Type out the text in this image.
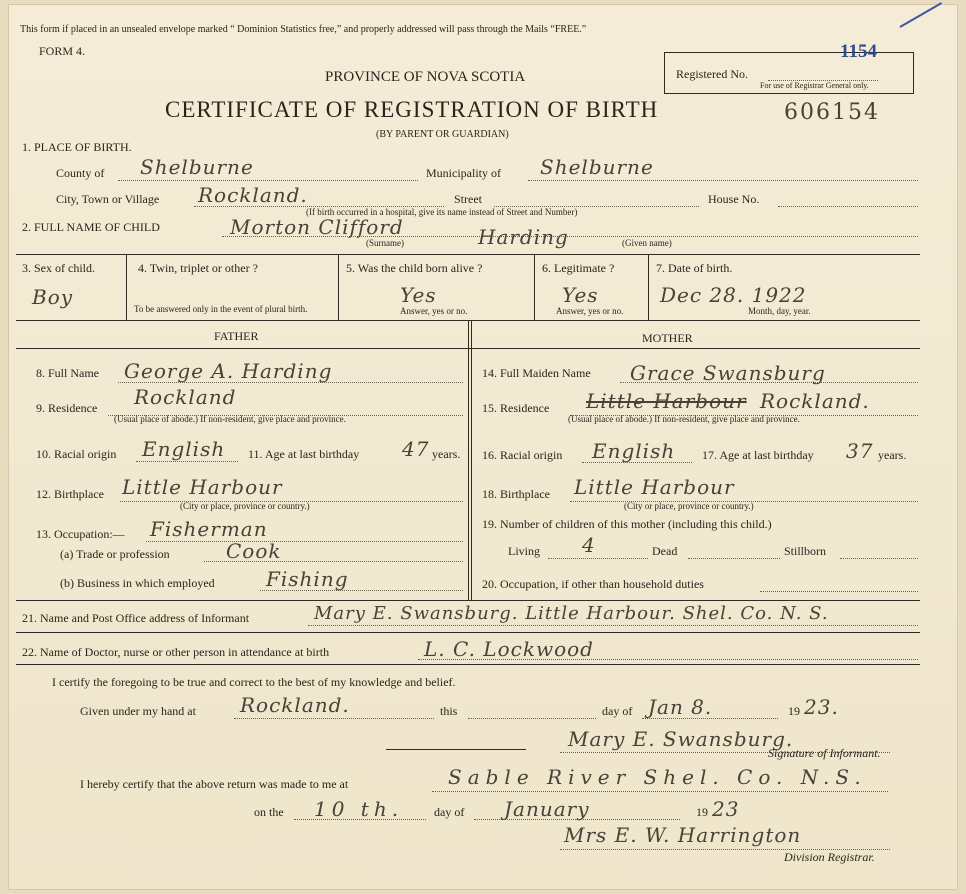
This form if placed in an unsealed envelope marked “ Dominion Statistics free,” and properly addressed will pass through the Mails “FREE.”
FORM 4.
PROVINCE OF NOVA SCOTIA
CERTIFICATE OF REGISTRATION OF BIRTH	606154
(BY PARENT OR GUARDIAN)
Registered No.
For use of Registrar General only.
1154
1. PLACE OF BIRTH.
County of Shelburne	Municipality of Shelburne
City, Town or Village Rockland.	Street	House No.
(If birth occurred in a hospital, give its name instead of Street and Number)
2. FULL NAME OF CHILD	Morton Clifford	Harding
(Surname)	(Given name)
3. Sex of child.
Boy
4. Twin, triplet or other ?
To be answered only in the event of plural birth.
5. Was the child born alive ?
Yes
Answer, yes or no.
6. Legitimate ?
Yes
Answer, yes or no.
7. Date of birth.
Dec 28. 1922
Month, day, year.
FATHER	MOTHER
8. Full Name George A. Harding
9. Residence Rockland
(Usual place of abode.) If non-resident, give place and province.
10. Racial origin English 11. Age at last birthday 47 years.
12. Birthplace Little Harbour
(City or place, province or country.)
13. Occupation:— Fisherman
(a) Trade or profession	Cook
(b) Business in which employed	Fishing
14. Full Maiden Name Grace Swansburg
15. Residence Little Harbour Rockland.
(Usual place of abode.) If non-resident, give place and province.
16. Racial origin English 17. Age at last birthday 37 years.
18. Birthplace Little Harbour
(City or place, province or country.)
19. Number of children of this mother (including this child.)
Living 4	Dead	Stillborn
20. Occupation, if other than household duties
21. Name and Post Office address of Informant	Mary E. Swansburg. Little Harbour. Shel. Co. N. S.
22. Name of Doctor, nurse or other person in attendance at birth	L. C. Lockwood
I certify the foregoing to be true and correct to the best of my knowledge and belief.
Given under my hand at Rockland.	this	day of Jan 8.	19 23.
Mary E. Swansburg.
Signature of Informant.
I hereby certify that the above return was made to me at	Sable River Shel. Co. N.S.
on the 10 th.	day of January	19 23
Mrs E. W. Harrington
Division Registrar.
